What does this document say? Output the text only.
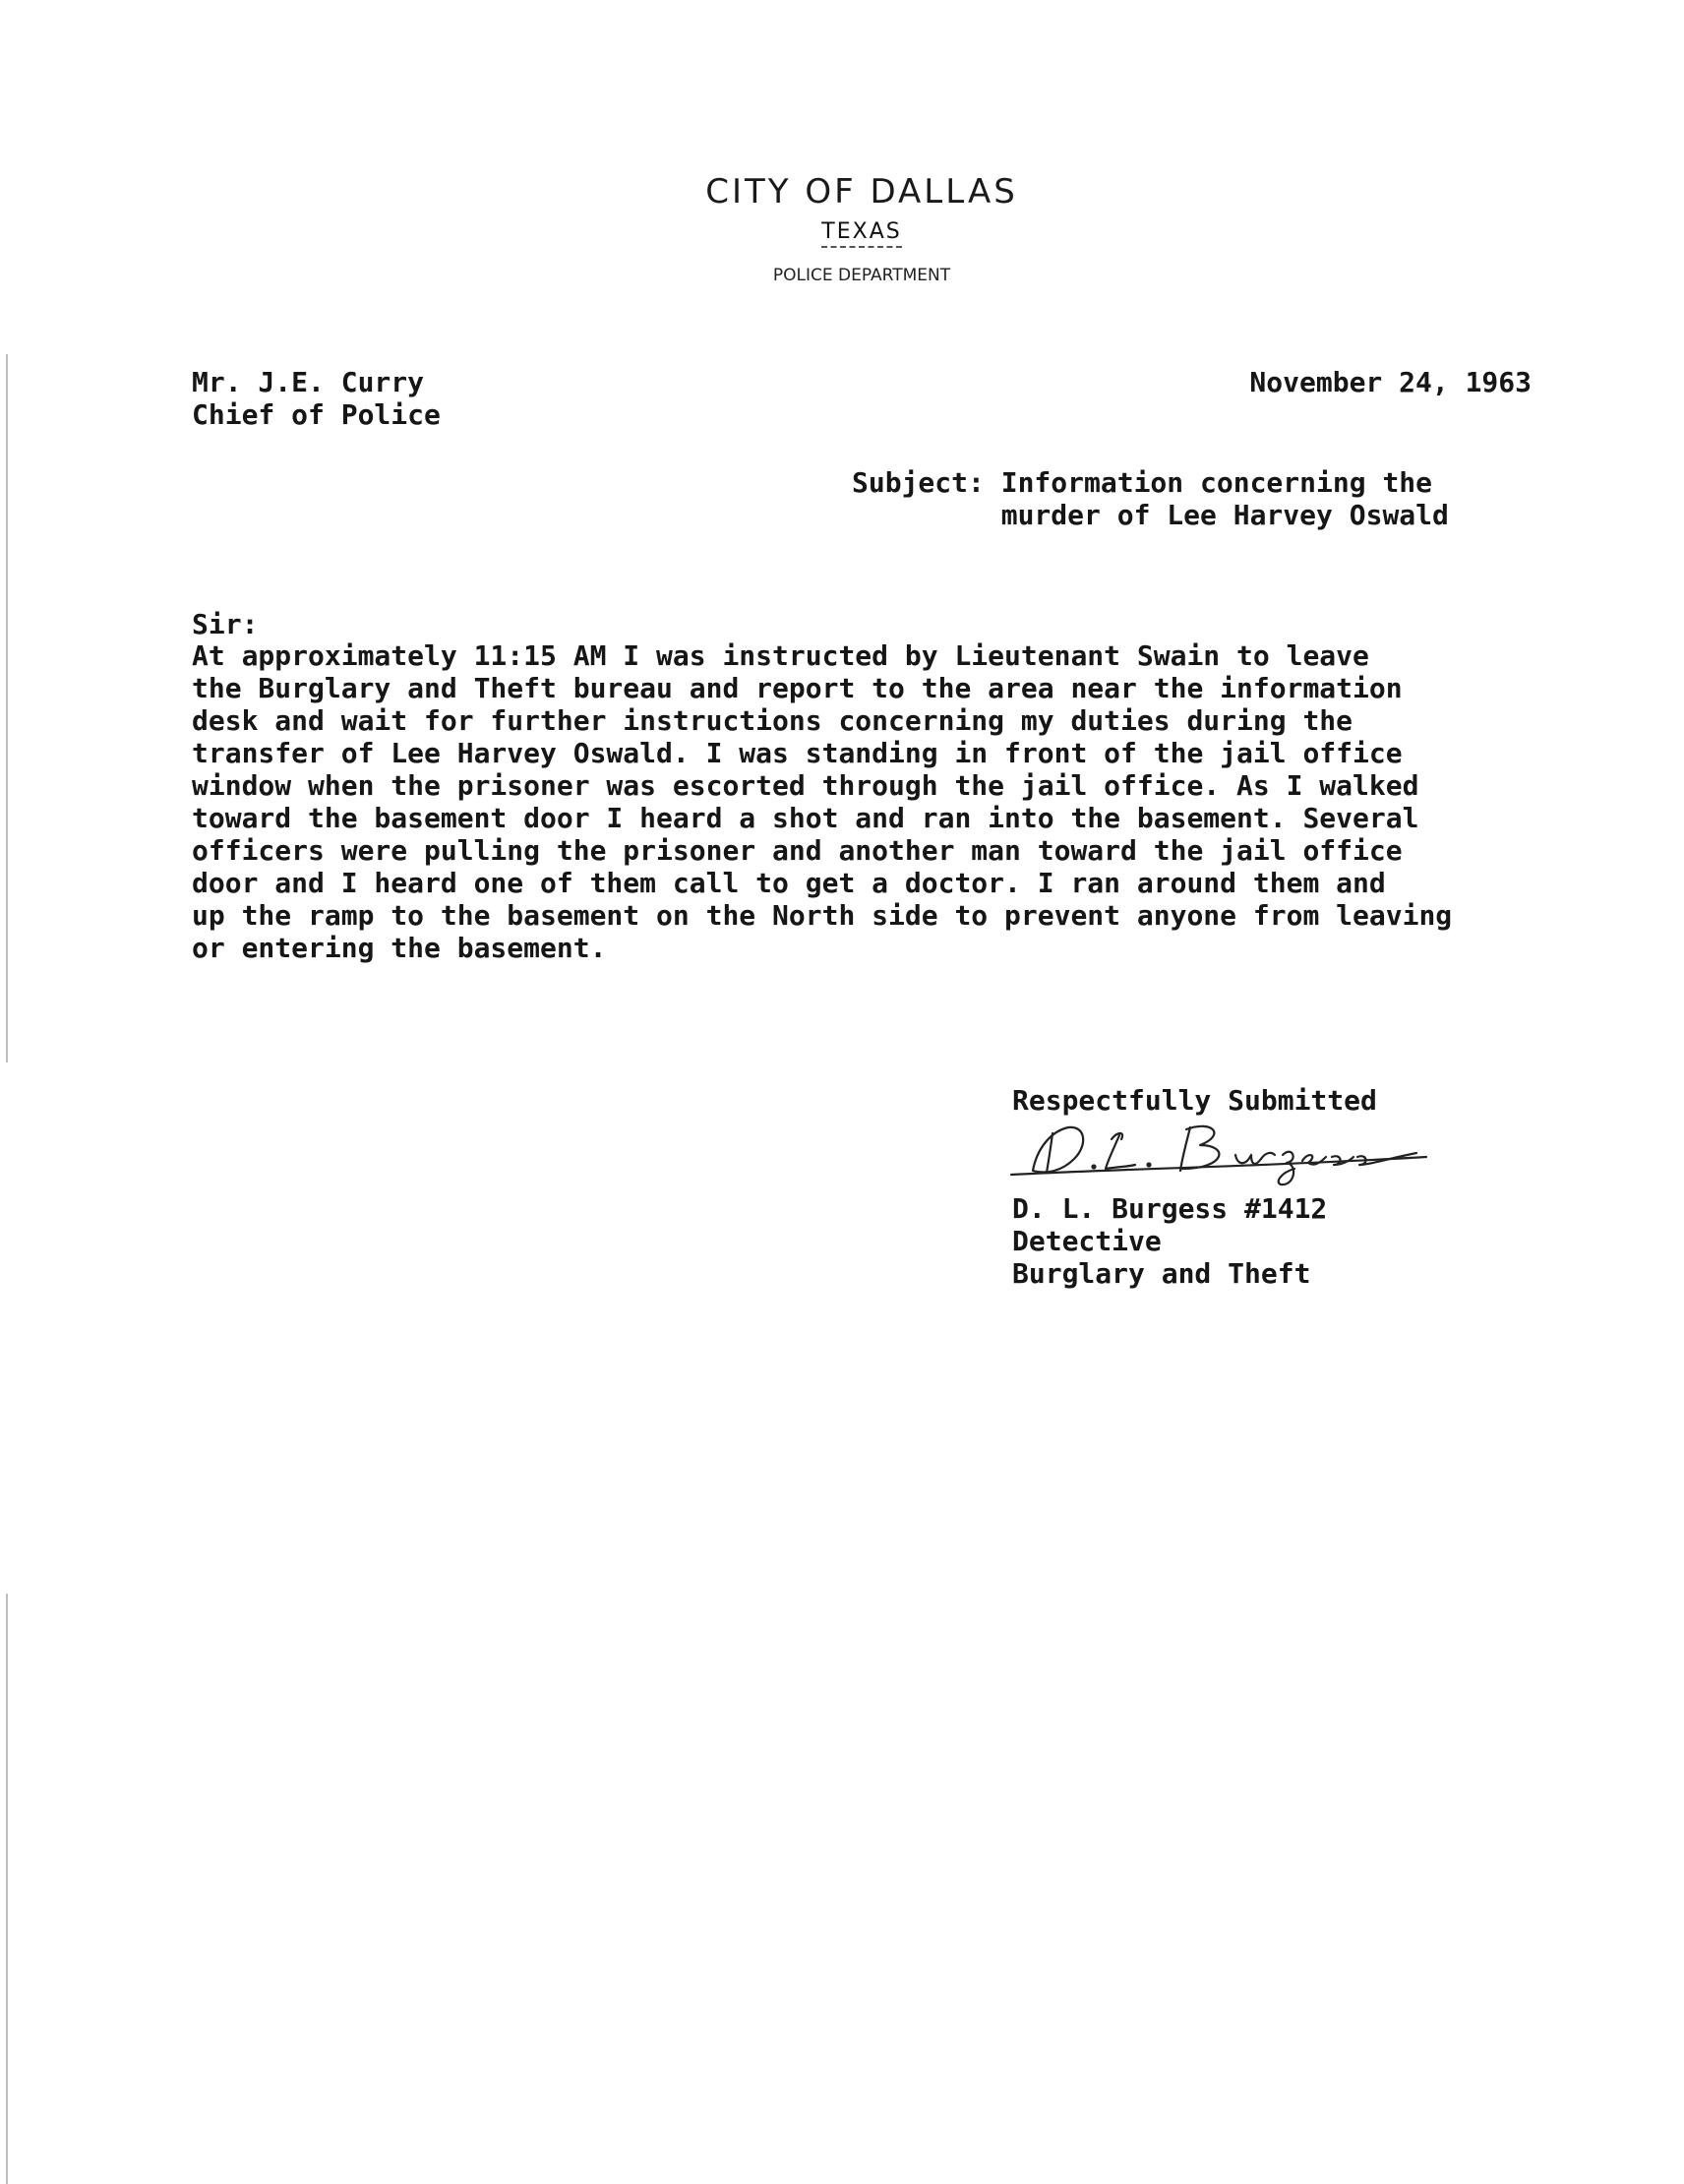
CITY OF DALLAS
TEXAS
POLICE DEPARTMENT
Mr. J.E. Curry
Chief of Police
November 24, 1963
Subject: Information concerning the
murder of Lee Harvey Oswald
Sir:
At approximately 11:15 AM I was instructed by Lieutenant Swain to leave
the Burglary and Theft bureau and report to the area near the information
desk and wait for further instructions concerning my duties during the
transfer of Lee Harvey Oswald. I was standing in front of the jail office
window when the prisoner was escorted through the jail office. As I walked
toward the basement door I heard a shot and ran into the basement. Several
officers were pulling the prisoner and another man toward the jail office
door and I heard one of them call to get a doctor. I ran around them and
up the ramp to the basement on the North side to prevent anyone from leaving
or entering the basement.
Respectfully Submitted
D. L. Burgess #1412
Detective
Burglary and Theft
